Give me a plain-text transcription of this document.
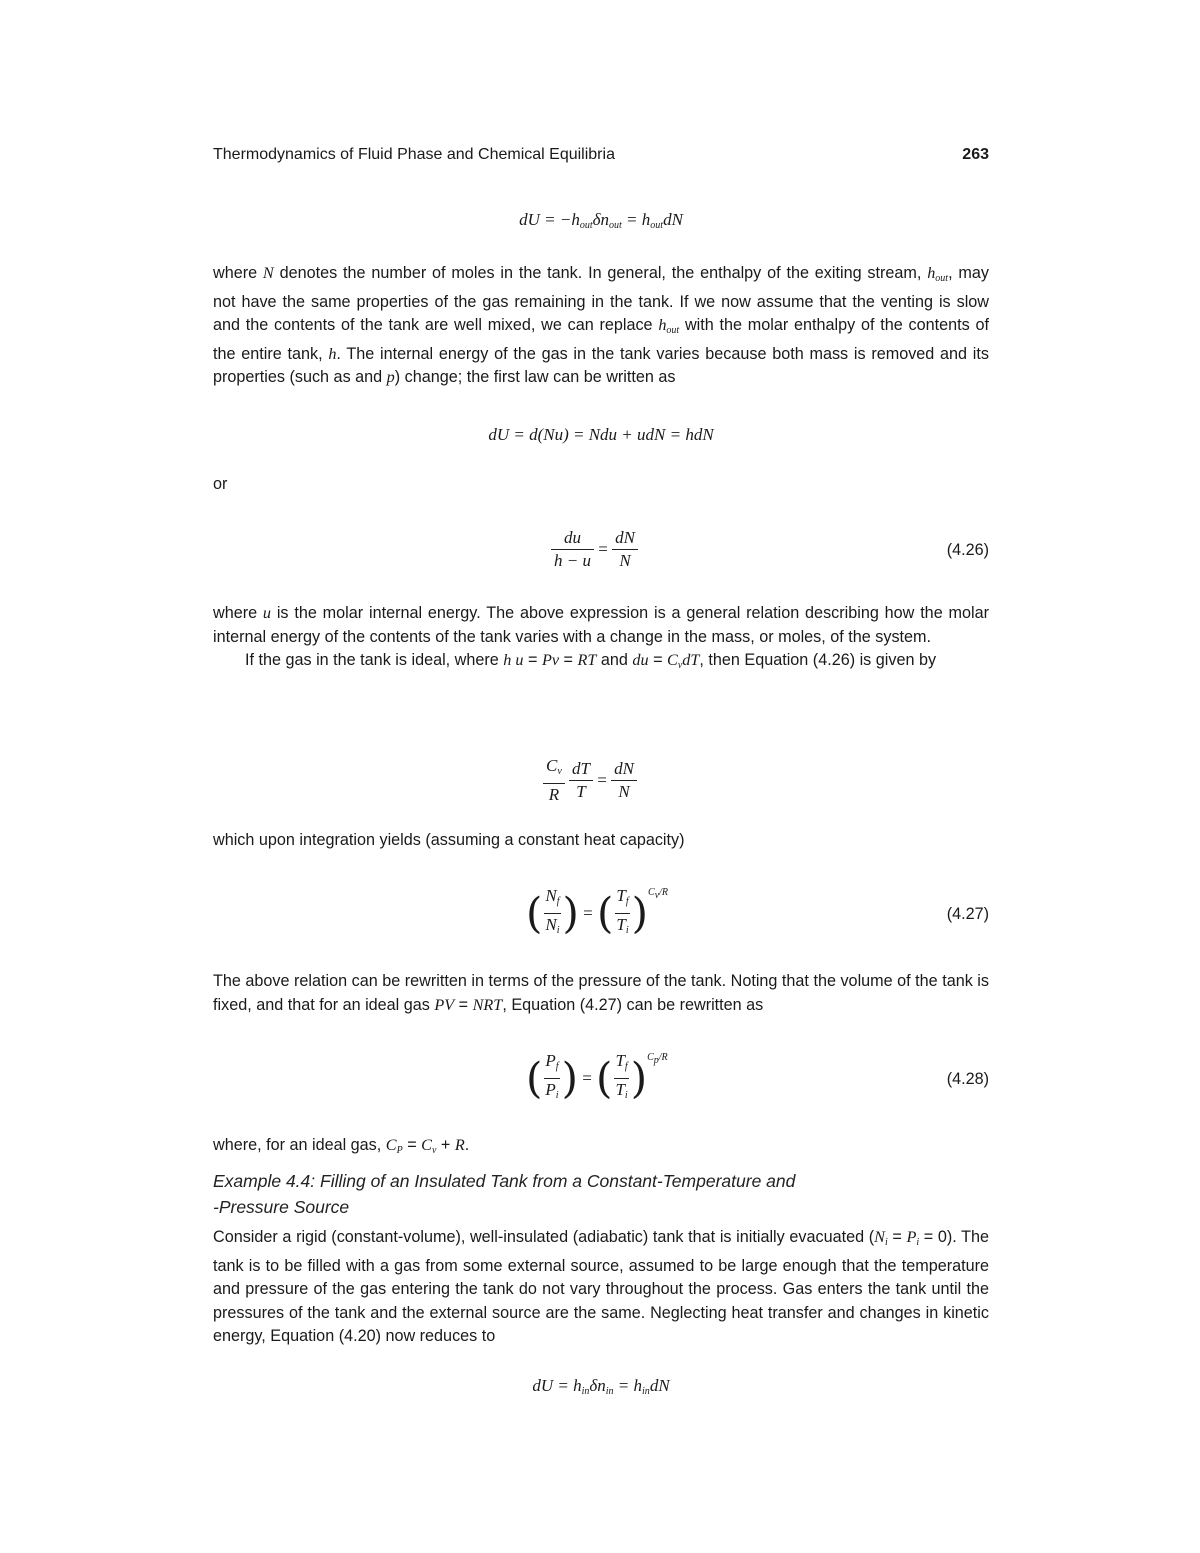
Thermodynamics of Fluid Phase and Chemical Equilibria	263
dU = $-h_{out}\delta n_{out} = h_{out}dN$

where N denotes the number of moles in the tank. In general, the enthalpy of the exiting stream, $h_{out}$, may not have the same properties of the gas remaining in the tank. If we now assume that the venting is slow and the contents of the tank are well mixed, we can replace $h_{out}$ with the molar enthalpy of the contents of the entire tank, h. The internal energy of the gas in the tank varies because both mass is removed and its properties (such as and p) change; the first law can be written as

dU = d(Nu) = Ndu + udN = hdN
or
$\frac{du}{h - u} = \frac{dN}{N}$	(4.26)

where u is the molar internal energy. The above expression is a general relation describing how the molar internal energy of the contents of the tank varies with a change in the mass, or moles, of the system.

If the gas in the tank is ideal, where h u = Pv = RT and du = $C_vdT$, then Equation (4.26) is given by

$\frac{C_v}{R}$
$\frac{dT}{T} = \frac{dN}{N}$
which upon integration yields (assuming a constant heat capacity)
( $\frac{N_f}{N_i}$ ) = ( $\frac{T_f}{T_i} )^{C_v/R}$
(4.27)

The above relation can be rewritten in terms of the pressure of the tank. Noting that the volume of the tank is fixed, and that for an ideal gas PV = NRT, Equation (4.27) can be rewritten as

( $\frac{P_f}{P_i}$ ) = ( $\frac{T_f}{T_i} )^{C_p/R}$
(4.28)

where, for an ideal gas, $C_P = C_v + R$.

Example 4.4: Filling of an Insulated Tank from a Constant-Temperature and
-Pressure Source

Consider a rigid (constant-volume), well-insulated (adiabatic) tank that is initially evacuated $(N_i = P_i = 0)$. The tank is to be filled with a gas from some external source, assumed to be large enough that the temperature and pressure of the gas entering the tank do not vary throughout the process. Gas enters the tank until the pressures of the tank and the external source are the same. Neglecting heat transfer and changes in kinetic energy, Equation (4.20) now reduces to

dU = $h_{in}\delta n_{in} = h_{in}dN$
